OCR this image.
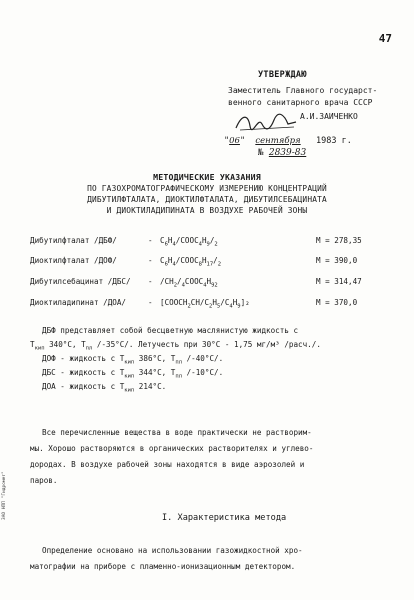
47
УТВЕРЖДАЮ
Заместитель Главного государст-
венного санитарного врача СССР
А.И.ЗАИЧЕНКО
"06" сентября 1983 г.
№ 2839-83
МЕТОДИЧЕСКИЕ УКАЗАНИЯ
ПО ГАЗОХРОМАТОГРАФИЧЕСКОМУ ИЗМЕРЕНИЮ КОНЦЕНТРАЦИЙ
ДИБУТИЛФТАЛАТА, ДИОКТИЛФТАЛАТА, ДИБУТИЛСЕБАЦИНАТА
И ДИОКТИЛАДИПИНАТА В ВОЗДУХЕ РАБОЧЕЙ ЗОНЫ
Дибутилфталат /ДБФ/	- $C_6H_4/COOC_4H_9/_2$	M = 278,35
Диоктилфталат /ДОФ/	- $C_6H_4/COOC_8H_{17}/_2$	M = 390,0
Дибутилсебацинат $/ДБС/ - /CH_2/_4COOC_4H_{92}$	M = 314,47
Диоктиладипинат /ДОА/	- $[COOCH_2CH/C_2H_5/C_4H_9]_2$	M = 370,0
ДБФ представляет собой бесцветную маслянистую жидкость с
$T_{кип}$ 340°C, $T_{пл}$ /-35°C/. Летучесть при 30°C - 1,75 мг/м³ /расч./.
ДОФ - жидкость с $T_{кип}$ 386°C, $T_{пл}$ /-40°C/.
ДБС - жидкость с $T_{кип}$ 344°C, $T_{пл}$ /-10°C/.
ДОА - жидкость с $T_{кип}$ 214°C.
Все перечисленные вещества в воде практически не растворим-
мы. Хорошо растворяются в органических растворителях и углево-
дородах. В воздухе рабочей зоны находятся в виде аэрозолей и
паров.
I. Характеристика метода
Определение основано на использовании газожидкостной хро-
матографии на приборе с пламенно-ионизационным детектором.
ЗАО НПП "Гидромет"
